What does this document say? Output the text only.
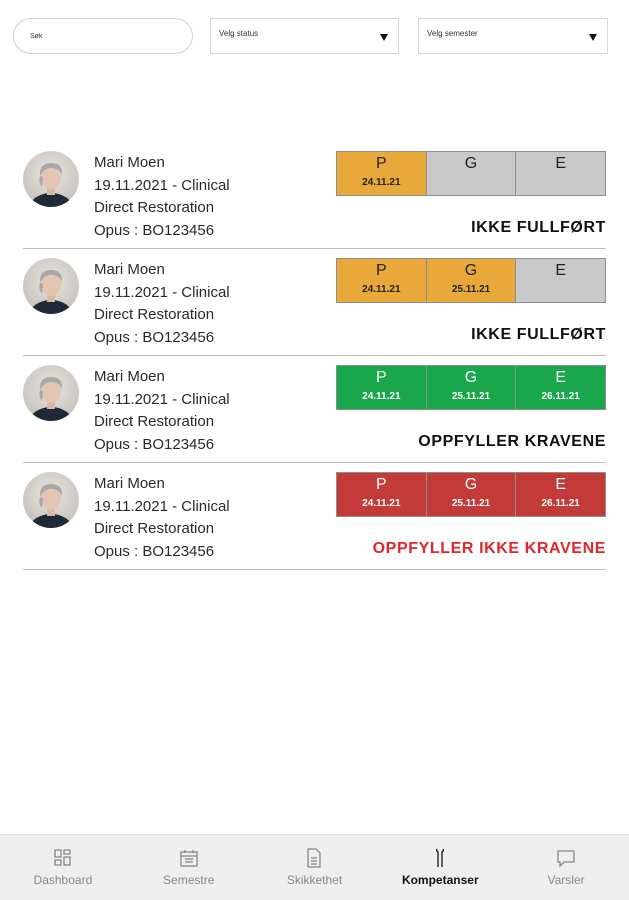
Søk
Velg status	Velg semester
Mari Moen
19.11.2021 - Clinical
Direct Restoration
Opus : BO123456
P
24.11.21
G	E
IKKE FULLFØRT
Mari Moen
19.11.2021 - Clinical
Direct Restoration
Opus : BO123456
P
24.11.21
G
25.11.21
E
IKKE FULLFØRT
Mari Moen
19.11.2021 - Clinical
Direct Restoration
Opus : BO123456
P
24.11.21
G
25.11.21
E
26.11.21
OPPFYLLER KRAVENE
Mari Moen
19.11.2021 - Clinical
Direct Restoration
Opus : BO123456
P
24.11.21
G
25.11.21
E
26.11.21
OPPFYLLER IKKE KRAVENE
Dashboard	Semestre	Skikkethet	Kompetanser	Varsler
